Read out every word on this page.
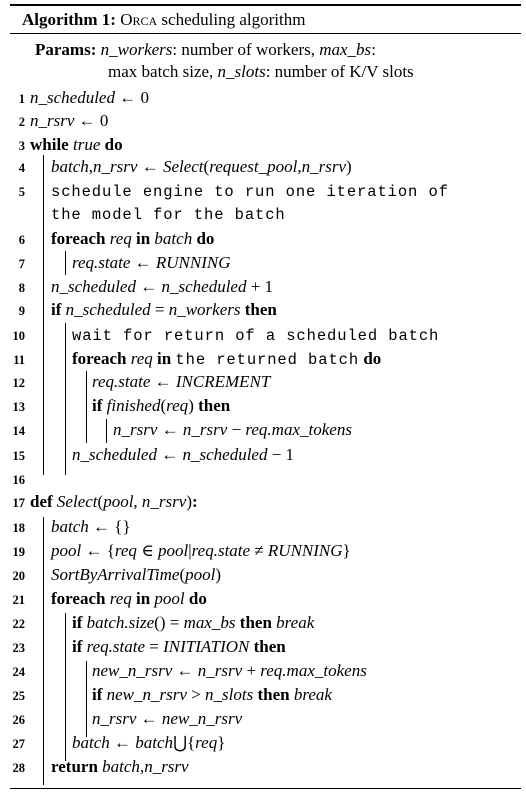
Algorithm 1: Orca scheduling algorithm
Params: n_workers: number of workers, max_bs:
max batch size, n_slots: number of K/V slots
1 n_scheduled ← 0
2 n_rsrv ← 0
3 while true do
4 batch,n_rsrv ← Select(request_pool,n_rsrv)
5 schedule engine to run one iteration of
the model for the batch
6 foreach req in batch do
7	req.state ← RUNNING
8 n_scheduled ← n_scheduled + 1
9 if n_scheduled = n_workers then
10	wait for return of a scheduled batch
11	foreach req in the returned batch do
12	req.state ← INCREMENT
13	if finished(req) then
14	n_rsrv ← n_rsrv − req.max_tokens
15	n_scheduled ← n_scheduled − 1
16
17 def Select(pool, n_rsrv):
18 batch ← {}
19 pool ← {req ∈ pool|req.state ≠ RUNNING}
20 SortByArrivalTime(pool)
21 foreach req in pool do
22	if batch.size() = max_bs then break
23	if req.state = INITIATION then
24	new_n_rsrv ← n_rsrv + req.max_tokens
25	if new_n_rsrv > n_slots then break
26	n_rsrv ← new_n_rsrv
27	batch ← batch⋃{req}
28 return batch,n_rsrv
